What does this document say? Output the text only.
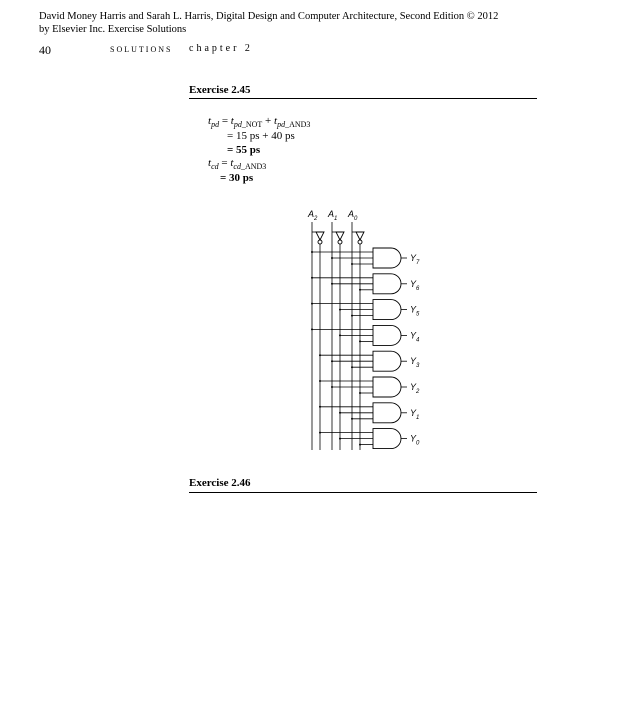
David Money Harris and Sarah L. Harris, Digital Design and Computer Architecture, Second Edition © 2012
by Elsevier Inc. Exercise Solutions
40	SOLUTIONS chapter 2
Exercise 2.45
$t_{pd} = t_{pd\_NOT} + t_{pd\_AND3}$
= 15 ps + 40 ps
= 55 ps
$t_{cd} = t_{cd\_AND3}$
= 30 ps
$A_2$ $A_1$ $A_0$
$Y_7$
$Y_6$
$Y_5$
$Y_4$
$Y_3$
$Y_2$
$Y_1$
$Y_0$
Exercise 2.46
